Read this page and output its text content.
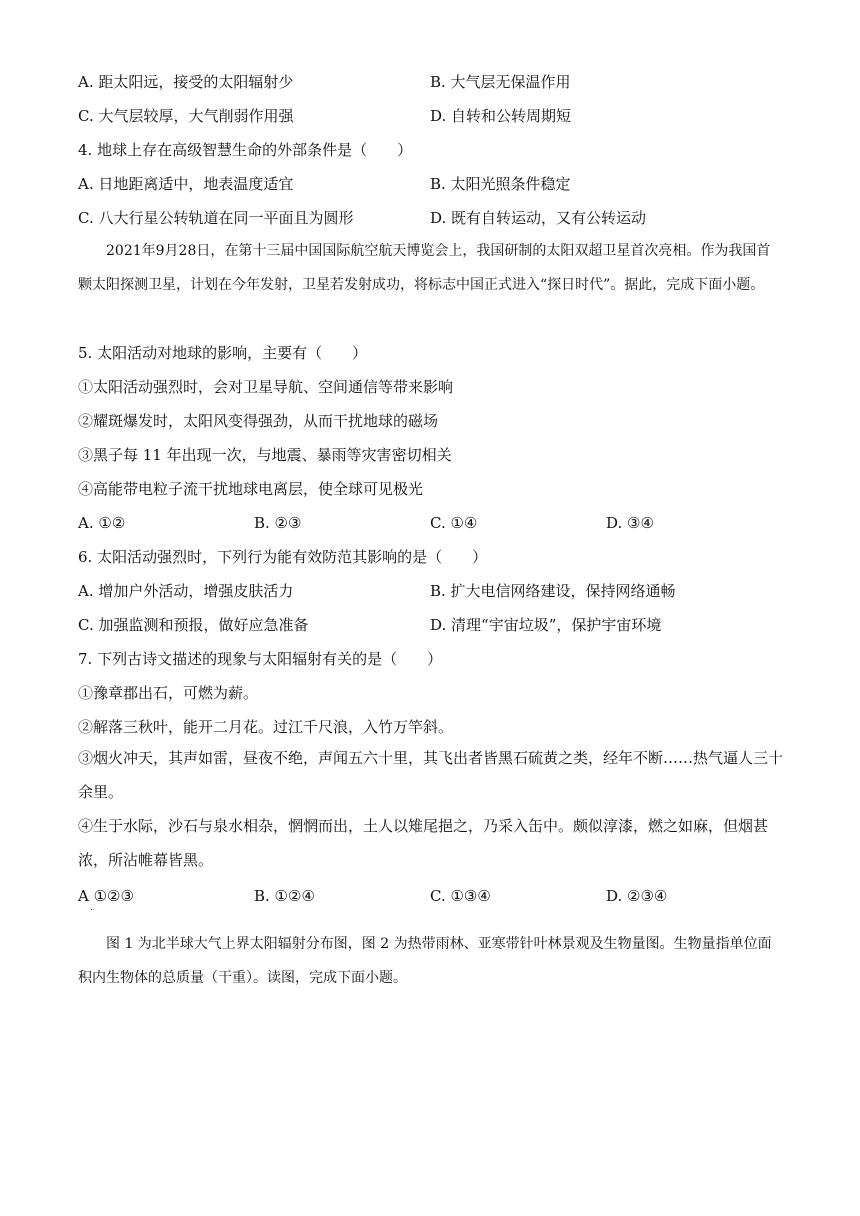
A. 距太阳远，接受的太阳辐射少	B. 大气层无保温作用
C. 大气层较厚，大气削弱作用强	D. 自转和公转周期短
4. 地球上存在高级智慧生命的外部条件是（　　）
A. 日地距离适中，地表温度适宜	B. 太阳光照条件稳定
C. 八大行星公转轨道在同一平面且为圆形	D. 既有自转运动，又有公转运动
2021年9月28日，在第十三届中国国际航空航天博览会上，我国研制的太阳双超卫星首次亮相。作为我国首颗太阳探测卫星，计划在今年发射，卫星若发射成功，将标志中国正式进入“探日时代”。据此，完成下面小题。
5. 太阳活动对地球的影响，主要有（　　）
①太阳活动强烈时，会对卫星导航、空间通信等带来影响
②耀斑爆发时，太阳风变得强劲，从而干扰地球的磁场
③黑子每 11 年出现一次，与地震、暴雨等灾害密切相关
④高能带电粒子流干扰地球电离层，使全球可见极光
A. ①②	B. ②③	C. ①④	D. ③④
6. 太阳活动强烈时，下列行为能有效防范其影响的是（　　）
A. 增加户外活动，增强皮肤活力	B. 扩大电信网络建设，保持网络通畅
C. 加强监测和预报，做好应急准备	D. 清理“宇宙垃圾”，保护宇宙环境
7. 下列古诗文描述的现象与太阳辐射有关的是（　　）
①豫章郡出石，可燃为薪。
②解落三秋叶，能开二月花。过江千尺浪，入竹万竿斜。
③烟火冲天，其声如雷，昼夜不绝，声闻五六十里，其飞出者皆黑石硫黄之类，经年不断……热气逼人三十余里。
④生于水际，沙石与泉水相杂，惘惘而出，土人以雉尾挹之，乃采入缶中。颇似淳漆，燃之如麻，但烟甚浓，所沾帷幕皆黑。
A ①②③
·
B. ①②④	C. ①③④	D. ②③④
图 1 为北半球大气上界太阳辐射分布图，图 2 为热带雨林、亚寒带针叶林景观及生物量图。生物量指单位面积内生物体的总质量（干重）。读图，完成下面小题。
